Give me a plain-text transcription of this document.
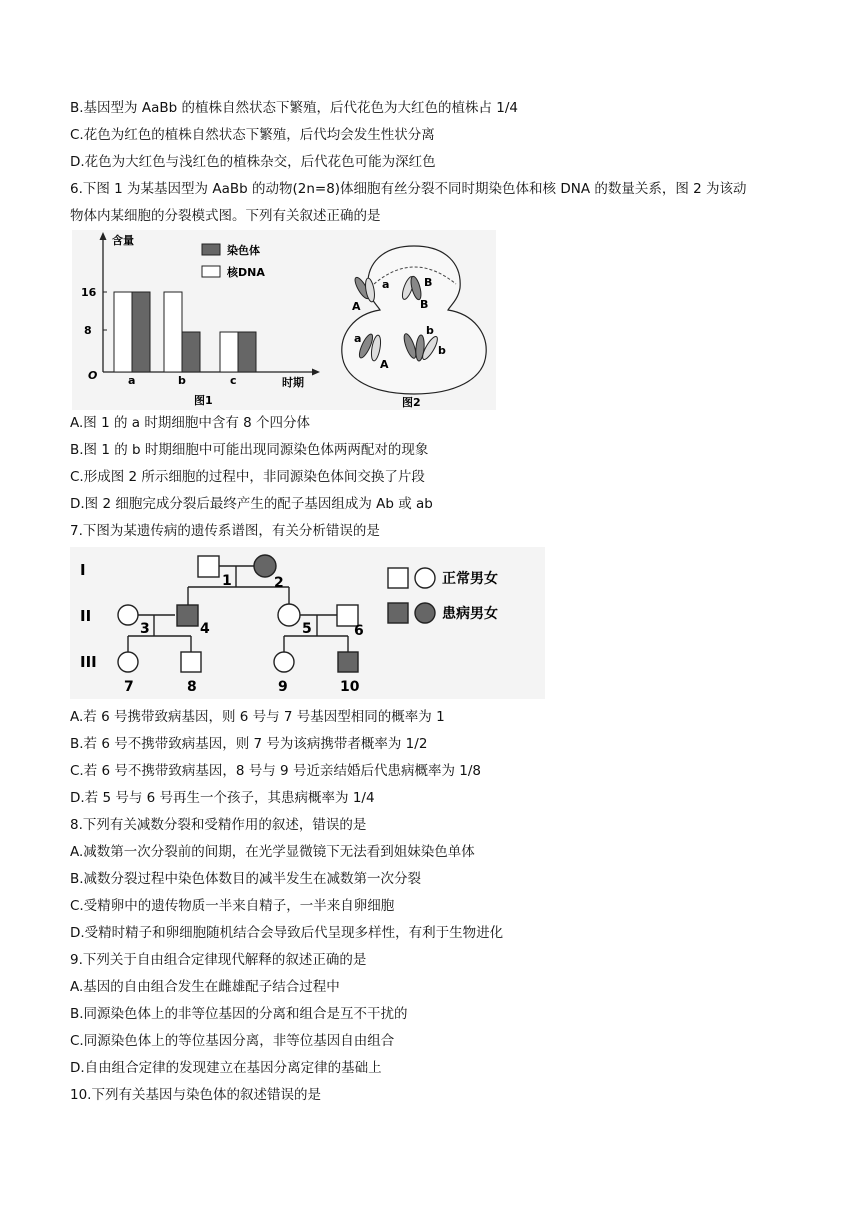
B.基因型为 AaBb 的植株自然状态下繁殖，后代花色为大红色的植株占 1/4
C.花色为红色的植株自然状态下繁殖，后代均会发生性状分离
D.花色为大红色与浅红色的植株杂交，后代花色可能为深红色
6.下图 1 为某基因型为 AaBb 的动物(2n=8)体细胞有丝分裂不同时期染色体和核 DNA 的数量关系，图 2 为该动
物体内某细胞的分裂模式图。下列有关叙述正确的是
含量
时期
O
16
8
染色体
核DNA
a	b	c
图1
a
A
B
B
a
A
b
b
图2
A.图 1 的 a 时期细胞中含有 8 个四分体
B.图 1 的 b 时期细胞中可能出现同源染色体两两配对的现象
C.形成图 2 所示细胞的过程中，非同源染色体间交换了片段
D.图 2 细胞完成分裂后最终产生的配子基因组成为 Ab 或 ab
7.下图为某遗传病的遗传系谱图，有关分析错误的是
I
II
III
1	2
3	4	5	6
7	8	9	10
正常男女
患病男女
A.若 6 号携带致病基因，则 6 号与 7 号基因型相同的概率为 1
B.若 6 号不携带致病基因，则 7 号为该病携带者概率为 1/2
C.若 6 号不携带致病基因，8 号与 9 号近亲结婚后代患病概率为 1/8
D.若 5 号与 6 号再生一个孩子，其患病概率为 1/4
8.下列有关减数分裂和受精作用的叙述，错误的是
A.减数第一次分裂前的间期，在光学显微镜下无法看到姐妹染色单体
B.减数分裂过程中染色体数目的减半发生在减数第一次分裂
C.受精卵中的遗传物质一半来自精子，一半来自卵细胞
D.受精时精子和卵细胞随机结合会导致后代呈现多样性，有利于生物进化
9.下列关于自由组合定律现代解释的叙述正确的是
A.基因的自由组合发生在雌雄配子结合过程中
B.同源染色体上的非等位基因的分离和组合是互不干扰的
C.同源染色体上的等位基因分离，非等位基因自由组合
D.自由组合定律的发现建立在基因分离定律的基础上
10.下列有关基因与染色体的叙述错误的是
